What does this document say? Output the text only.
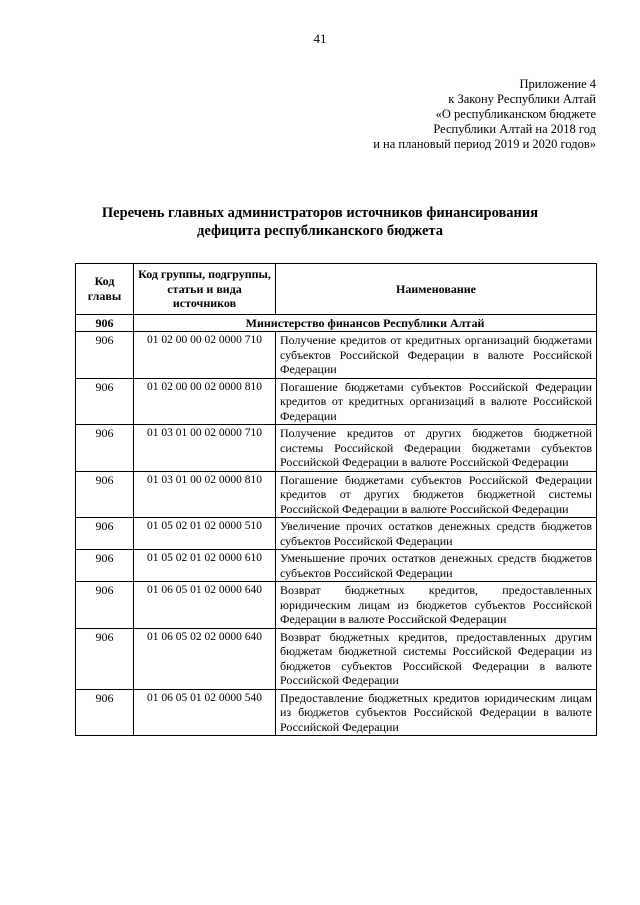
41
Приложение 4
к Закону Республики Алтай
«О республиканском бюджете
Республики Алтай на 2018 год
и на плановый период 2019 и 2020 годов»
Перечень главных администраторов источников финансирования
дефицита республиканского бюджета
Код главы	Код группы, подгруппы, статьи и вида источников	Наименование
906	Министерство финансов Республики Алтай	
906	01 02 00 00 02 0000 710	Получение кредитов от кредитных организаций бюджетами субъектов Российской Федерации в валюте Российской Федерации
906	01 02 00 00 02 0000 810	Погашение бюджетами субъектов Российской Федерации кредитов от кредитных организаций в валюте Российской Федерации
906	01 03 01 00 02 0000 710	Получение кредитов от других бюджетов бюджетной системы Российской Федерации бюджетами субъектов Российской Федерации в валюте Российской Федерации
906	01 03 01 00 02 0000 810	Погашение бюджетами субъектов Российской Федерации кредитов от других бюджетов бюджетной системы Российской Федерации в валюте Российской Федерации
906	01 05 02 01 02 0000 510	Увеличение прочих остатков денежных средств бюджетов субъектов Российской Федерации
906	01 05 02 01 02 0000 610	Уменьшение прочих остатков денежных средств бюджетов субъектов Российской Федерации
906	01 06 05 01 02 0000 640	Возврат бюджетных кредитов, предоставленных юридическим лицам из бюджетов субъектов Российской Федерации в валюте Российской Федерации
906	01 06 05 02 02 0000 640	Возврат бюджетных кредитов, предоставленных другим бюджетам бюджетной системы Российской Федерации из бюджетов субъектов Российской Федерации в валюте Российской Федерации
906	01 06 05 01 02 0000 540	Предоставление бюджетных кредитов юридическим лицам из бюджетов субъектов Российской Федерации в валюте Российской Федерации
